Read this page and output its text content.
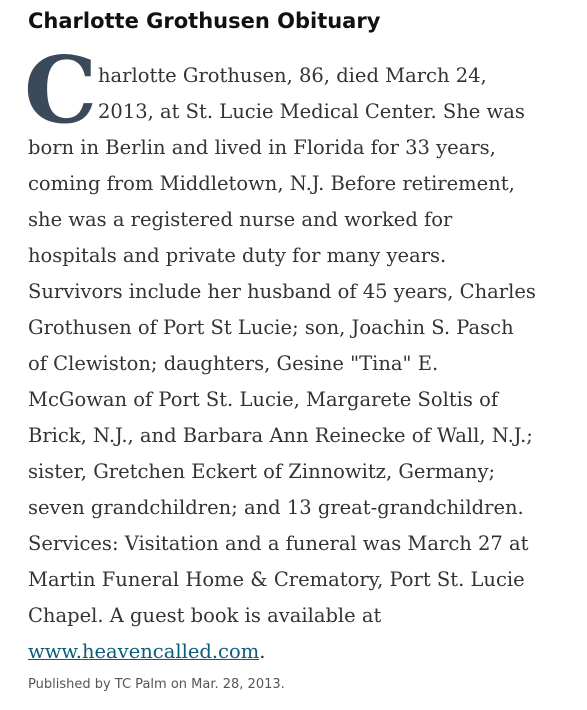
Charlotte Grothusen Obituary
C harlotte Grothusen, 86, died March 24,

2013, at St. Lucie Medical Center. She was

born in Berlin and lived in Florida for 33 years,

coming from Middletown, N.J. Before retirement,

she was a registered nurse and worked for

hospitals and private duty for many years.

Survivors include her husband of 45 years, Charles

Grothusen of Port St Lucie; son, Joachin S. Pasch

of Clewiston; daughters, Gesine "Tina" E.

McGowan of Port St. Lucie, Margarete Soltis of

Brick, N.J., and Barbara Ann Reinecke of Wall, N.J.;

sister, Gretchen Eckert of Zinnowitz, Germany;

seven grandchildren; and 13 great-grandchildren.

Services: Visitation and a funeral was March 27 at

Martin Funeral Home & Crematory, Port St. Lucie

Chapel. A guest book is available at

www.heavencalled.com.

Published by TC Palm on Mar. 28, 2013.
